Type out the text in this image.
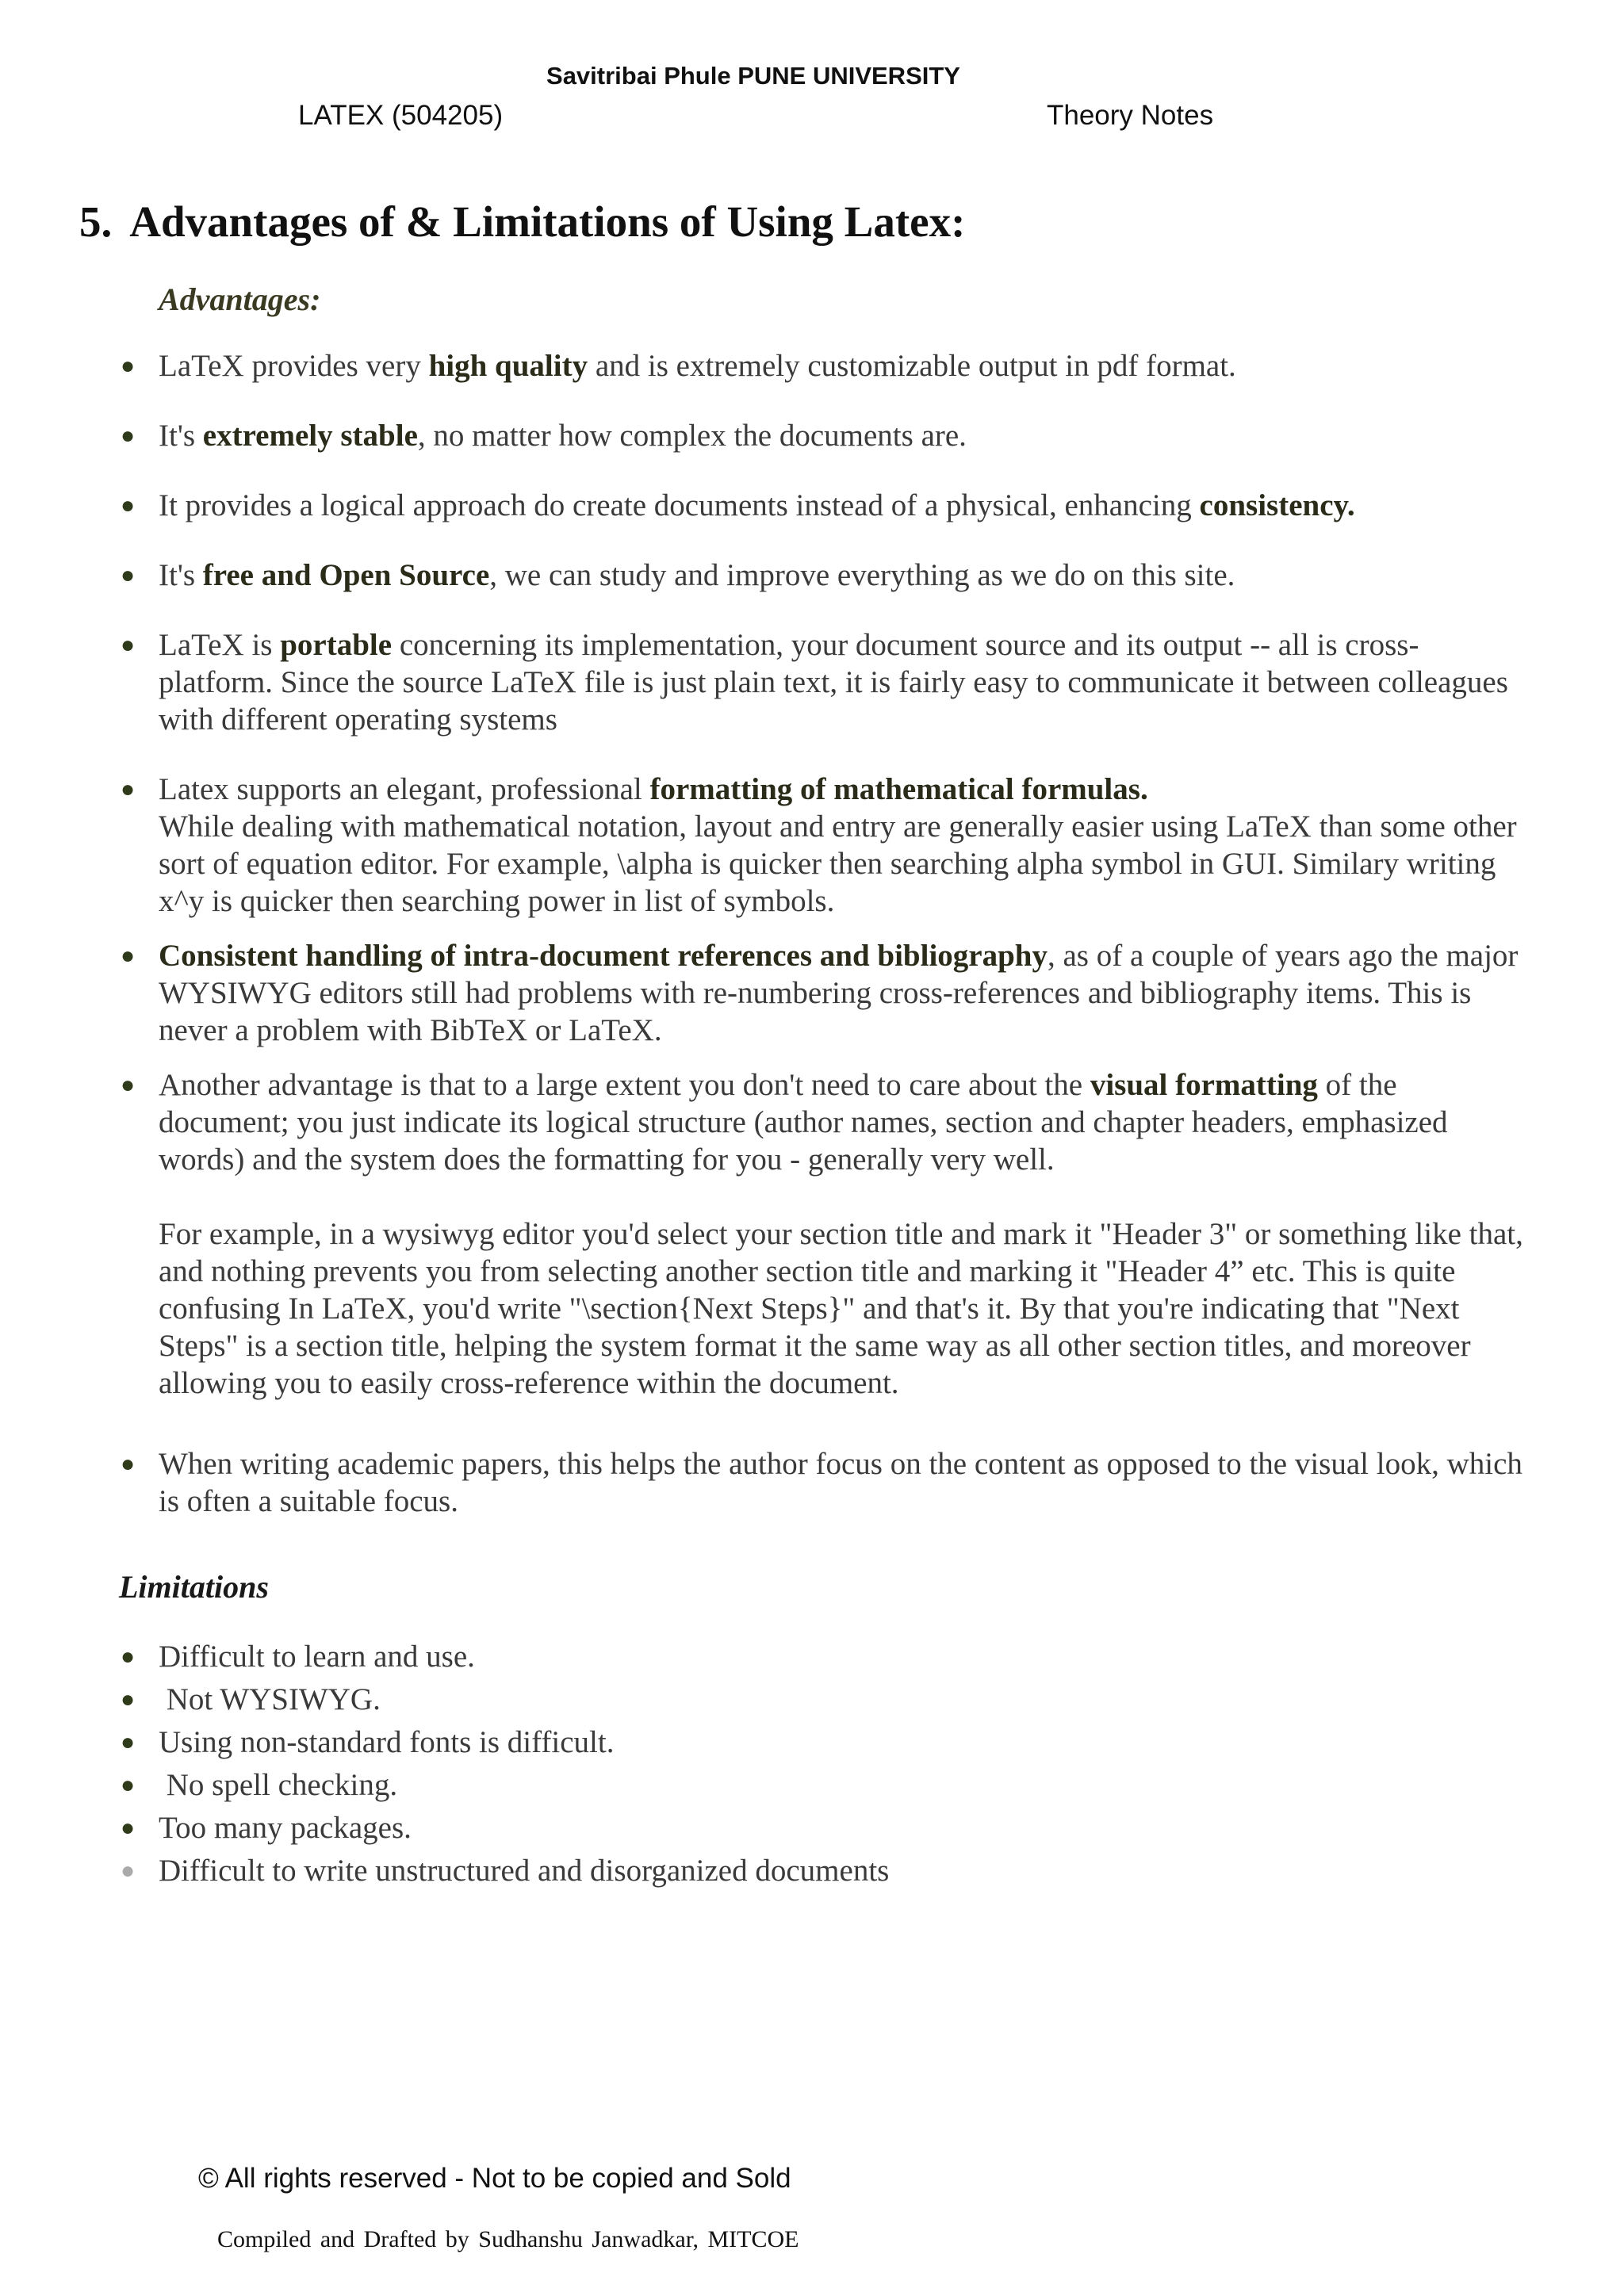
Savitribai Phule PUNE UNIVERSITY
LATEX (504205)	Theory Notes
5. Advantages of & Limitations of Using Latex:
Advantages:
● LaTeX provides very high quality and is extremely customizable output in pdf format.
● It's extremely stable, no matter how complex the documents are.
● It provides a logical approach do create documents instead of a physical, enhancing consistency.
● It's free and Open Source, we can study and improve everything as we do on this site.
● LaTeX is portable concerning its implementation, your document source and its output -- all is cross-platform. Since the source LaTeX file is just plain text, it is fairly easy to communicate it between colleagues with different operating systems
● Latex supports an elegant, professional formatting of mathematical formulas.
While dealing with mathematical notation, layout and entry are generally easier using LaTeX than some other sort of equation editor. For example, \alpha is quicker then searching alpha symbol in GUI. Similary writing x^y is quicker then searching power in list of symbols.
● Consistent handling of intra-document references and bibliography, as of a couple of years ago the major WYSIWYG editors still had problems with re-numbering cross-references and bibliography items. This is never a problem with BibTeX or LaTeX.
● Another advantage is that to a large extent you don't need to care about the visual formatting of the document; you just indicate its logical structure (author names, section and chapter headers, emphasized words) and the system does the formatting for you - generally very well.
For example, in a wysiwyg editor you'd select your section title and mark it "Header 3" or something like that, and nothing prevents you from selecting another section title and marking it "Header 4” etc. This is quite confusing In LaTeX, you'd write "\section{Next Steps}" and that's it. By that you're indicating that "Next Steps" is a section title, helping the system format it the same way as all other section titles, and moreover allowing you to easily cross-reference within the document.
● When writing academic papers, this helps the author focus on the content as opposed to the visual look, which is often a suitable focus.
Limitations
● Difficult to learn and use.
● Not WYSIWYG.
● Using non-standard fonts is difficult.
● No spell checking.
● Too many packages.
● Difficult to write unstructured and disorganized documents
© All rights reserved - Not to be copied and Sold
Compiled and Drafted by Sudhanshu Janwadkar, MITCOE
